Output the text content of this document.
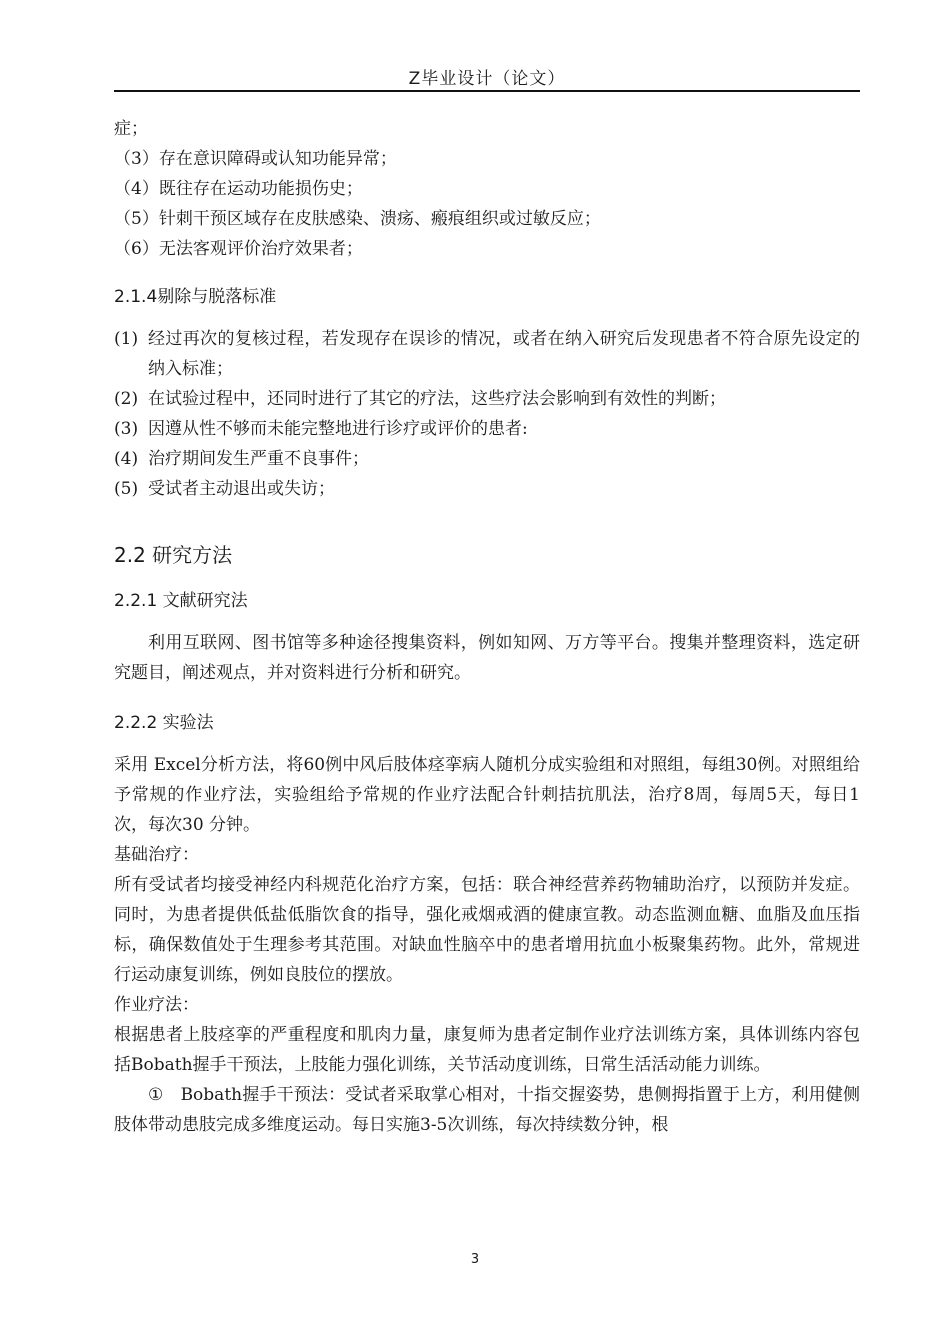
Z毕业设计（论文）

症；

（3）存在意识障碍或认知功能异常；

（4）既往存在运动功能损伤史；

（5）针刺干预区域存在皮肤感染、溃疡、瘢痕组织或过敏反应；

（6）无法客观评价治疗效果者；

2.1.4剔除与脱落标准

(1) 经过再次的复核过程，若发现存在误诊的情况，或者在纳入研究后发现患者不符合原先设定的纳入标准；
(2) 在试验过程中，还同时进行了其它的疗法，这些疗法会影响到有效性的判断；
(3) 因遵从性不够而未能完整地进行诊疗或评价的患者:
(4) 治疗期间发生严重不良事件；
(5) 受试者主动退出或失访；

2.2 研究方法

2.2.1 文献研究法

利用互联网、图书馆等多种途径搜集资料，例如知网、万方等平台。搜集并整理资料，选定研究题目，阐述观点，并对资料进行分析和研究。

2.2.2 实验法

采用 Excel分析方法，将60例中风后肢体痉挛病人随机分成实验组和对照组，每组30例。对照组给予常规的作业疗法，实验组给予常规的作业疗法配合针刺拮抗肌法，治疗8周，每周5天，每日1次，每次30 分钟。

基础治疗：

所有受试者均接受神经内科规范化治疗方案，包括：联合神经营养药物辅助治疗，以预防并发症。同时，为患者提供低盐低脂饮食的指导，强化戒烟戒酒的健康宣教。动态监测血糖、血脂及血压指标，确保数值处于生理参考其范围。对缺血性脑卒中的患者增用抗血小板聚集药物。此外，常规进行运动康复训练，例如良肢位的摆放。

作业疗法：

根据患者上肢痉挛的严重程度和肌肉力量，康复师为患者定制作业疗法训练方案，具体训练内容包括Bobath握手干预法，上肢能力强化训练，关节活动度训练，日常生活活动能力训练。

①　Bobath握手干预法：受试者采取掌心相对，十指交握姿势，患侧拇指置于上方，利用健侧肢体带动患肢完成多维度运动。每日实施3-5次训练，每次持续数分钟，根

3
